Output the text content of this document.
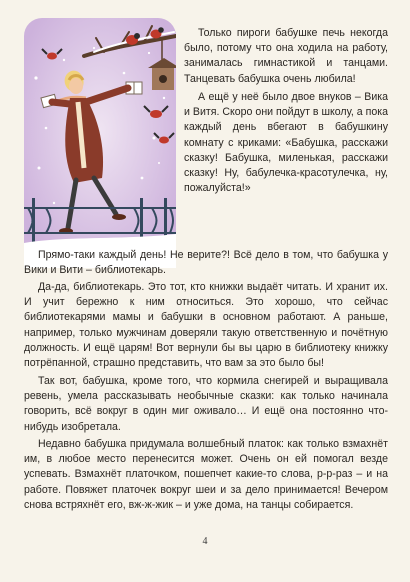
Только пироги бабушке печь некогда было, потому что она ходила на работу, занималась гимнастикой и танцами. Танцевать бабушка очень любила!

А ещё у неё было двое внуков – Вика и Витя. Скоро они пойдут в школу, а пока каждый день вбегают в бабушкину комнату с криками: «Бабушка, расскажи сказку! Бабушка, миленькая, расскажи сказку! Ну, бабулечка-красотулечка, ну, пожалуйста!»

Прямо-таки каждый день! Не верите?! Всё дело в том, что бабушка у Вики и Вити – библиотекарь.

Да-да, библиотекарь. Это тот, кто книжки выдаёт читать. И хранит их. И учит бережно к ним относиться. Это хорошо, что сейчас библиотекарями мамы и бабушки в основном работают. А раньше, например, только мужчинам доверяли такую ответственную и почётную должность. И ещё царям! Вот вернули бы вы царю в библиотеку книжку потрёпанной, страшно представить, что вам за это было бы!

Так вот, бабушка, кроме того, что кормила снегирей и выращивала ревень, умела рассказывать необычные сказки: как только начинала говорить, всё вокруг в один миг оживало… И ещё она постоянно что-нибудь изобретала.

Недавно бабушка придумала волшебный платок: как только взмахнёт им, в любое место перенесится может. Очень он ей помогал везде успевать. Взмахнёт платочком, пошепчет какие-то слова, р-р-раз – и на работе. Повяжет платочек вокруг шеи и за дело принимается! Вечером снова встряхнёт его, вж-ж-жик – и уже дома, на танцы собирается.

4
